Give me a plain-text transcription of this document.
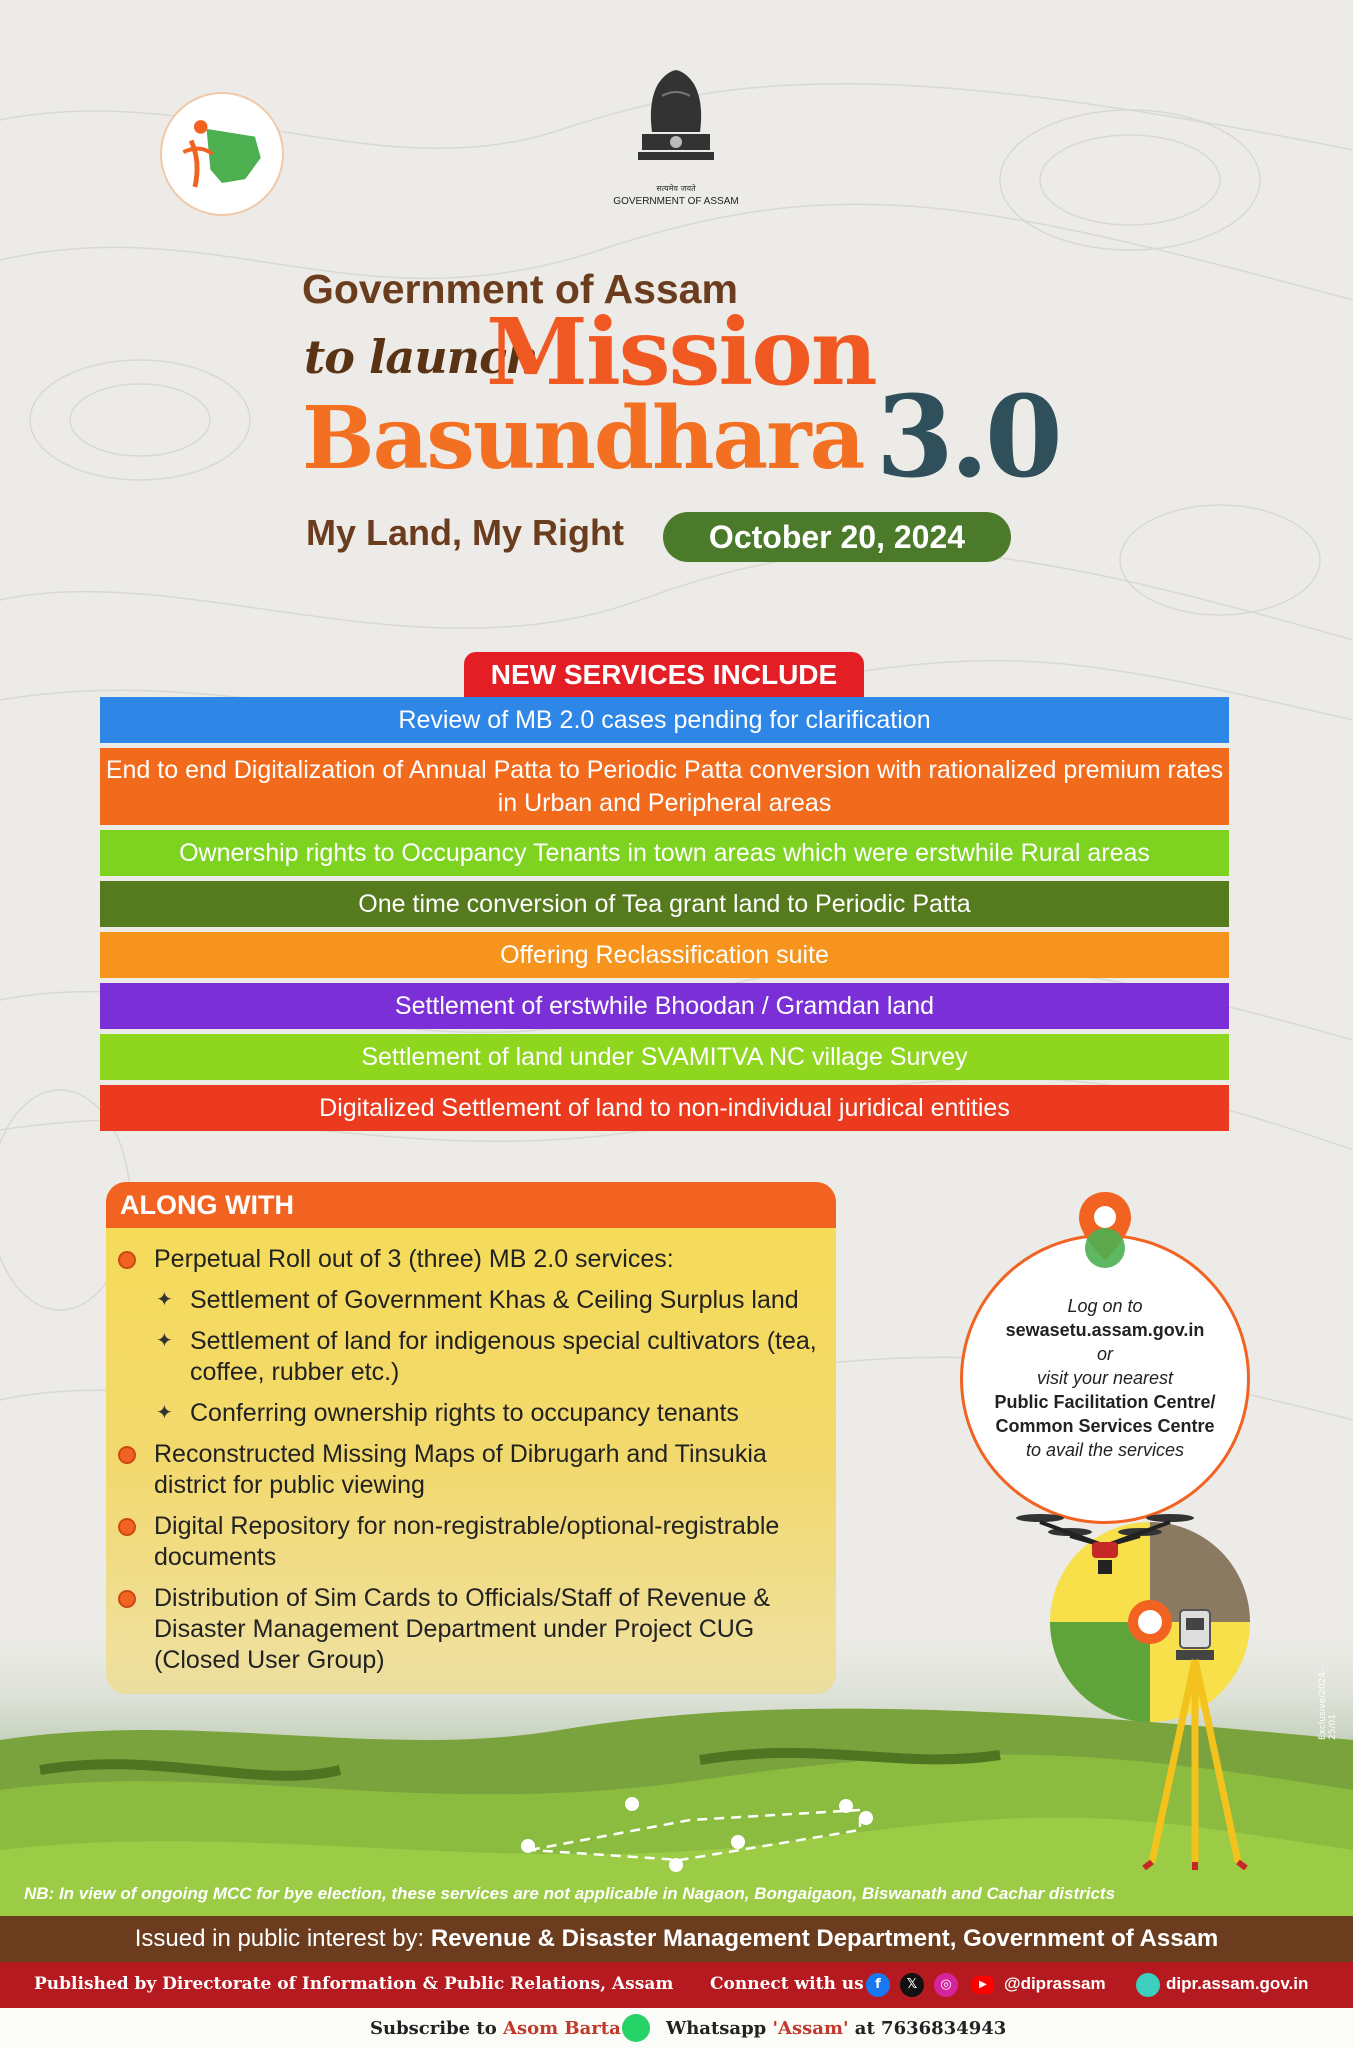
सत्यमेव जयते
GOVERNMENT OF ASSAM
Government of Assam
to launch
Mission
Basundhara 3.0
My Land, My Right	October 20, 2024
NEW SERVICES INCLUDE
Review of MB 2.0 cases pending for clarification
End to end Digitalization of Annual Patta to Periodic Patta conversion with rationalized premium rates in Urban and Peripheral areas
Ownership rights to Occupancy Tenants in town areas which were erstwhile Rural areas
One time conversion of Tea grant land to Periodic Patta
Offering Reclassification suite
Settlement of erstwhile Bhoodan / Gramdan land
Settlement of land under SVAMITVA NC village Survey
Digitalized Settlement of land to non-individual juridical entities
ALONG WITH
Perpetual Roll out of 3 (three) MB 2.0 services:
✦ Settlement of Government Khas & Ceiling Surplus land
✦ Settlement of land for indigenous special cultivators (tea, coffee, rubber etc.)
✦ Conferring ownership rights to occupancy tenants
Reconstructed Missing Maps of Dibrugarh and Tinsukia district for public viewing
Digital Repository for non-registrable/optional-registrable documents
Distribution of Sim Cards to Officials/Staff of Revenue & Disaster Management Department under Project CUG (Closed User Group)
Log on to
sewasetu.assam.gov.in
or
visit your nearest
Public Facilitation Centre/
Common Services Centre
to avail the services
NB: In view of ongoing MCC for bye election, these services are not applicable in Nagaon, Bongaigaon, Biswanath and Cachar districts
Exclusive/2024-25/01
Issued in public interest by: Revenue & Disaster Management Department, Government of Assam
Published by Directorate of Information & Public Relations, Assam Connect with us f	𝕏	◎	▶	@diprassam	dipr.assam.gov.in
Subscribe to Asom Barta	Whatsapp 'Assam' at 7636834943
